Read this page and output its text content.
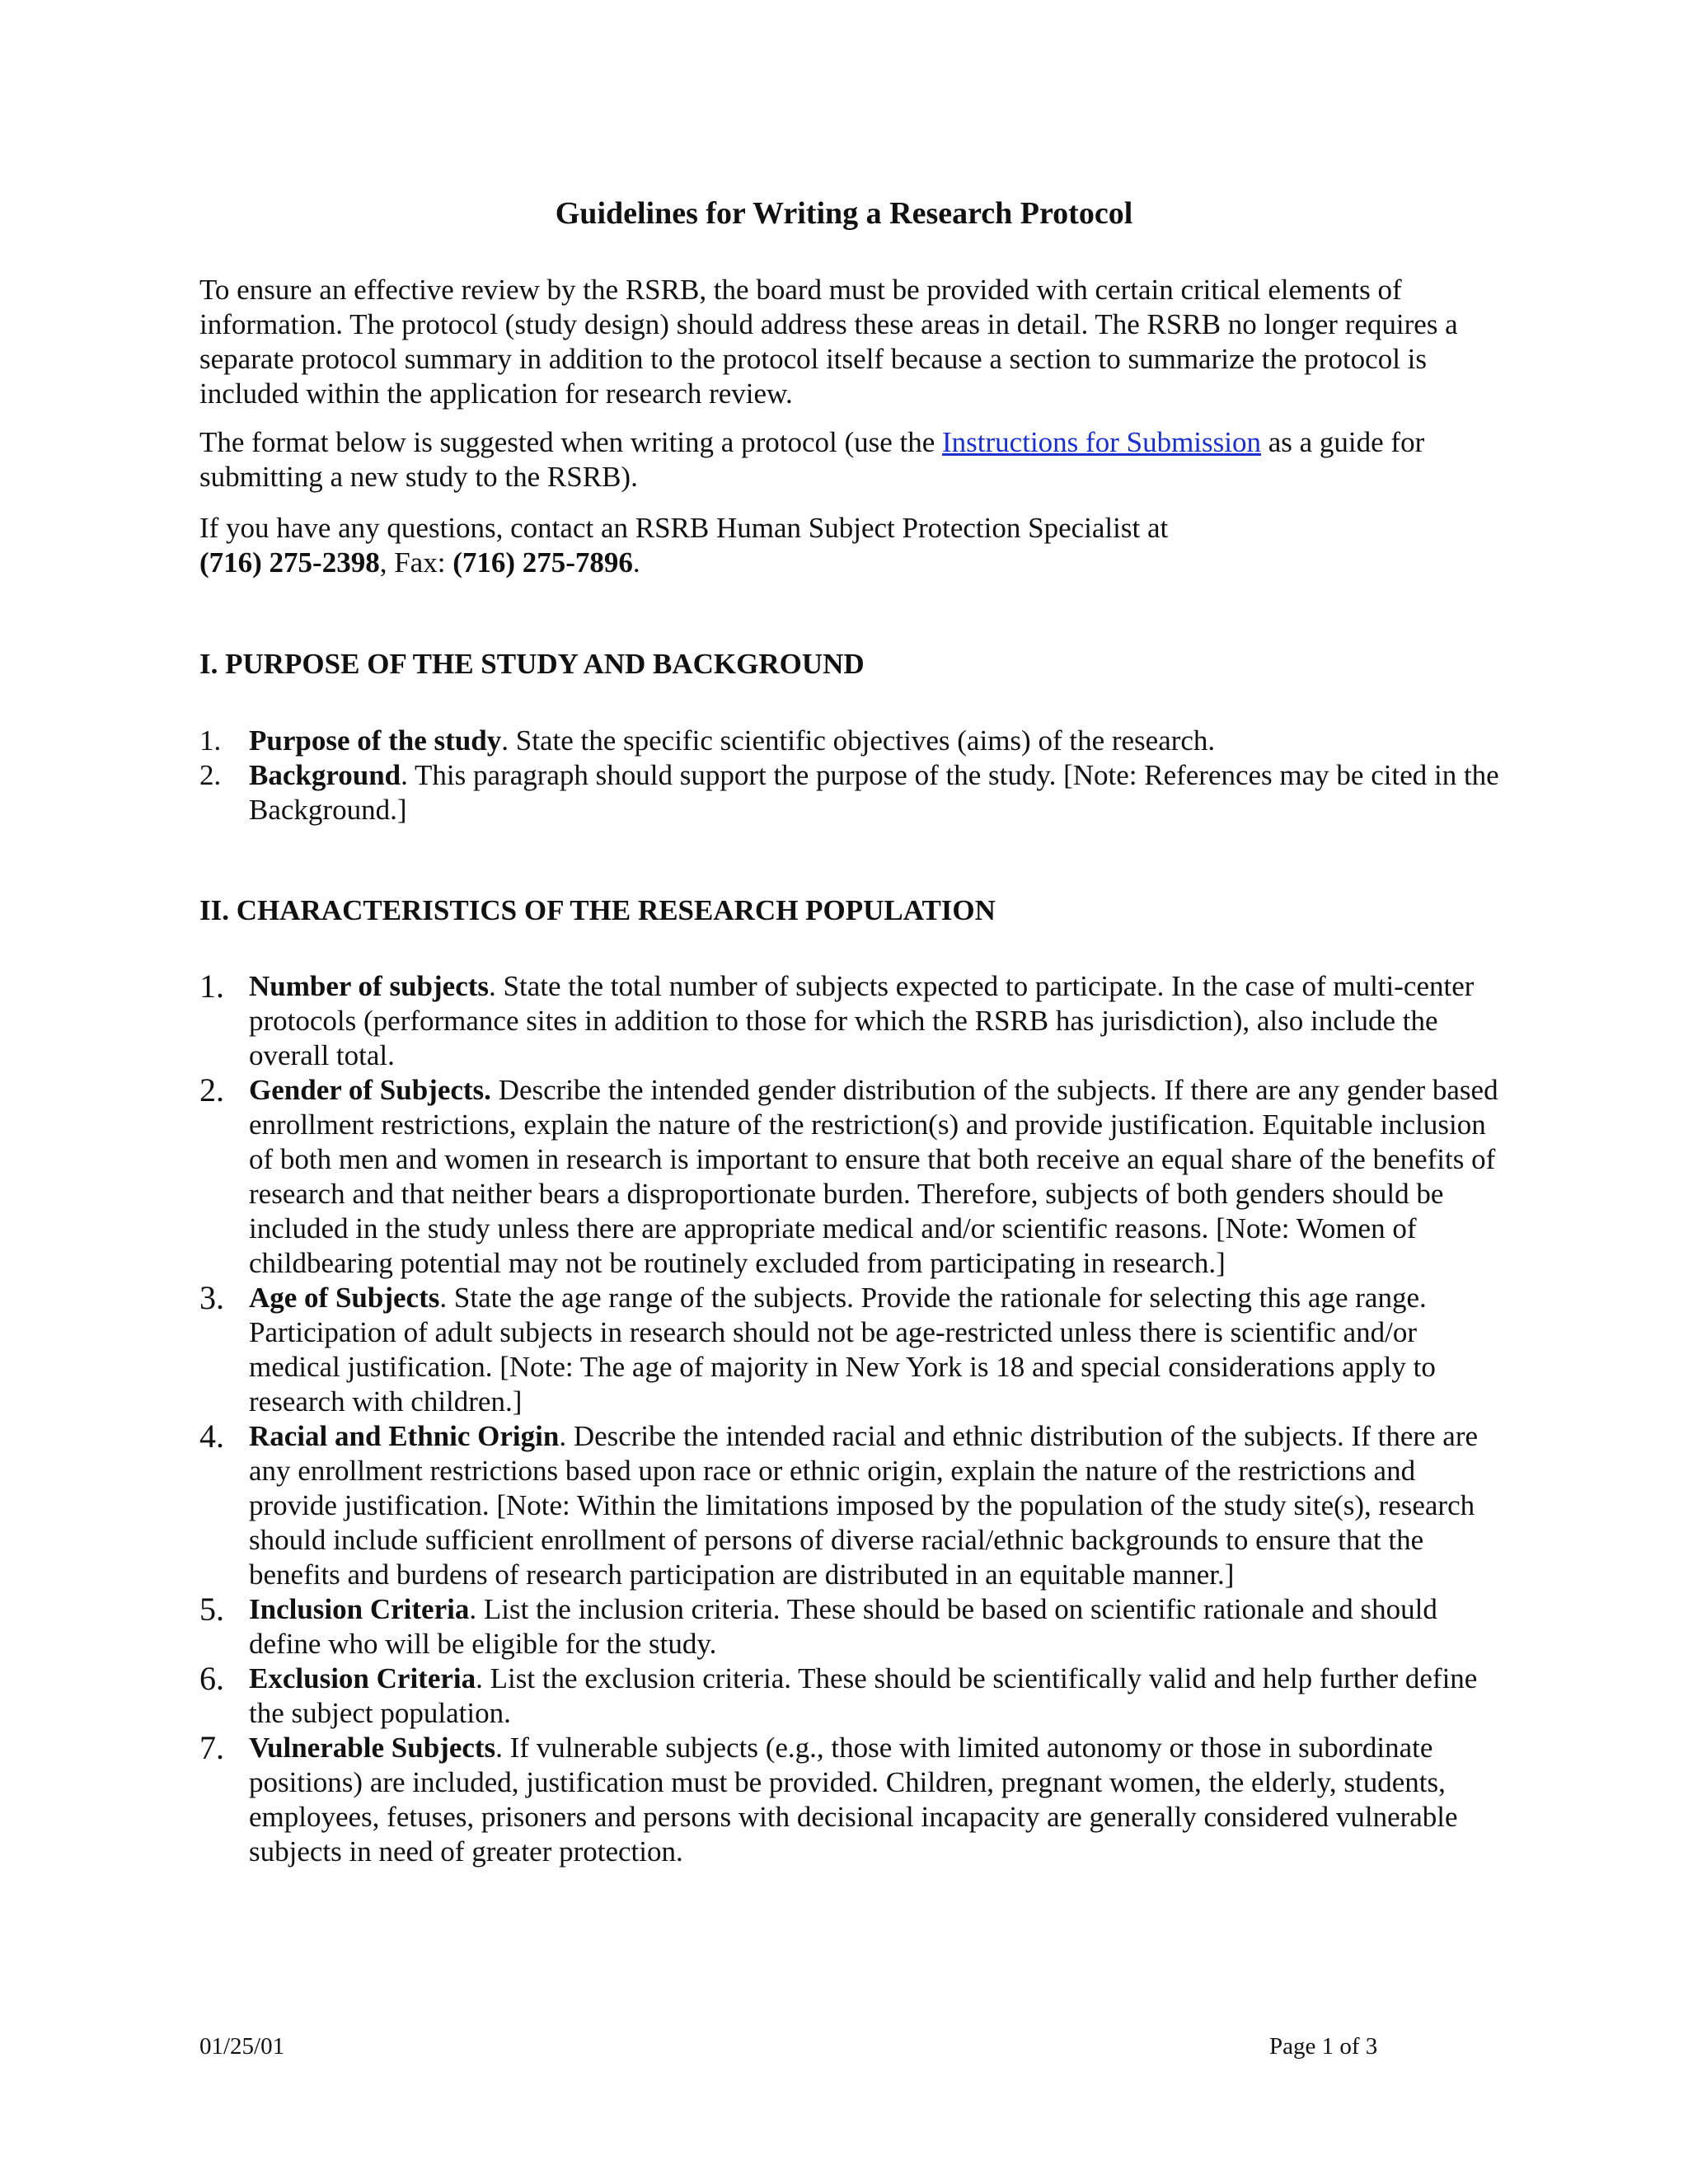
Guidelines for Writing a Research Protocol

To ensure an effective review by the RSRB, the board must be provided with certain critical elements of information. The protocol (study design) should address these areas in detail. The RSRB no longer requires a separate protocol summary in addition to the protocol itself because a section to summarize the protocol is included within the application for research review.

The format below is suggested when writing a protocol (use the Instructions for Submission as a guide for submitting a new study to the RSRB).

If you have any questions, contact an RSRB Human Subject Protection Specialist at
(716) 275-2398, Fax: (716) 275-7896.

I. PURPOSE OF THE STUDY AND BACKGROUND
1. Purpose of the study. State the specific scientific objectives (aims) of the research.
2. Background. This paragraph should support the purpose of the study. [Note: References may be cited in the Background.]
II. CHARACTERISTICS OF THE RESEARCH POPULATION
1. Number of subjects. State the total number of subjects expected to participate. In the case of multi-center protocols (performance sites in addition to those for which the RSRB has jurisdiction), also include the overall total.
2. Gender of Subjects. Describe the intended gender distribution of the subjects. If there are any gender based enrollment restrictions, explain the nature of the restriction(s) and provide justification. Equitable inclusion of both men and women in research is important to ensure that both receive an equal share of the benefits of research and that neither bears a disproportionate burden. Therefore, subjects of both genders should be included in the study unless there are appropriate medical and/or scientific reasons. [Note: Women of childbearing potential may not be routinely excluded from participating in research.]
3. Age of Subjects. State the age range of the subjects. Provide the rationale for selecting this age range. Participation of adult subjects in research should not be age-restricted unless there is scientific and/or medical justification. [Note: The age of majority in New York is 18 and special considerations apply to research with children.]
4. Racial and Ethnic Origin. Describe the intended racial and ethnic distribution of the subjects. If there are any enrollment restrictions based upon race or ethnic origin, explain the nature of the restrictions and provide justification. [Note: Within the limitations imposed by the population of the study site(s), research should include sufficient enrollment of persons of diverse racial/ethnic backgrounds to ensure that the benefits and burdens of research participation are distributed in an equitable manner.]
5. Inclusion Criteria. List the inclusion criteria. These should be based on scientific rationale and should define who will be eligible for the study.
6. Exclusion Criteria. List the exclusion criteria. These should be scientifically valid and help further define the subject population.
7. Vulnerable Subjects. If vulnerable subjects (e.g., those with limited autonomy or those in subordinate positions) are included, justification must be provided. Children, pregnant women, the elderly, students, employees, fetuses, prisoners and persons with decisional incapacity are generally considered vulnerable subjects in need of greater protection.
01/25/01	Page 1 of 3
